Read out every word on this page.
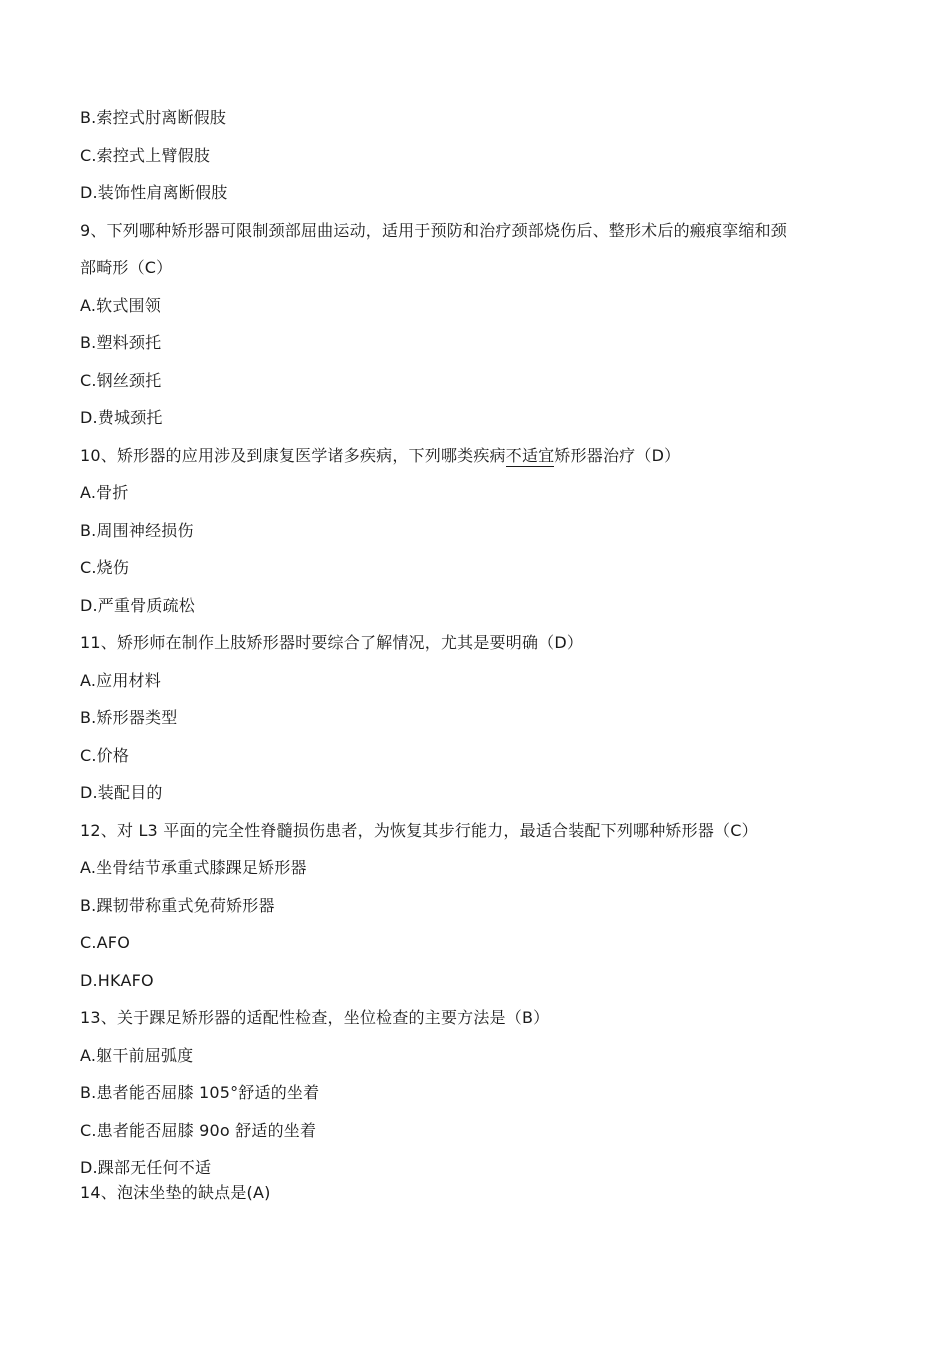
B.索控式肘离断假肢
C.索控式上臂假肢
D.装饰性肩离断假肢
9、下列哪种矫形器可限制颈部屈曲运动，适用于预防和治疗颈部烧伤后、整形术后的瘢痕挛缩和颈
部畸形（C）
A.软式围领
B.塑料颈托
C.钢丝颈托
D.费城颈托
10、矫形器的应用涉及到康复医学诸多疾病，下列哪类疾病不适宜矫形器治疗（D）
A.骨折
B.周围神经损伤
C.烧伤
D.严重骨质疏松
11、矫形师在制作上肢矫形器时要综合了解情况，尤其是要明确（D）
A.应用材料
B.矫形器类型
C.价格
D.装配目的
12、对 L3 平面的完全性脊髓损伤患者，为恢复其步行能力，最适合装配下列哪种矫形器（C）
A.坐骨结节承重式膝踝足矫形器
B.踝韧带称重式免荷矫形器
C.AFO
D.HKAFO
13、关于踝足矫形器的适配性检查，坐位检查的主要方法是（B）
A.躯干前屈弧度
B.患者能否屈膝 105°舒适的坐着
C.患者能否屈膝 90o 舒适的坐着
D.踝部无任何不适
14、泡沫坐垫的缺点是(A)
